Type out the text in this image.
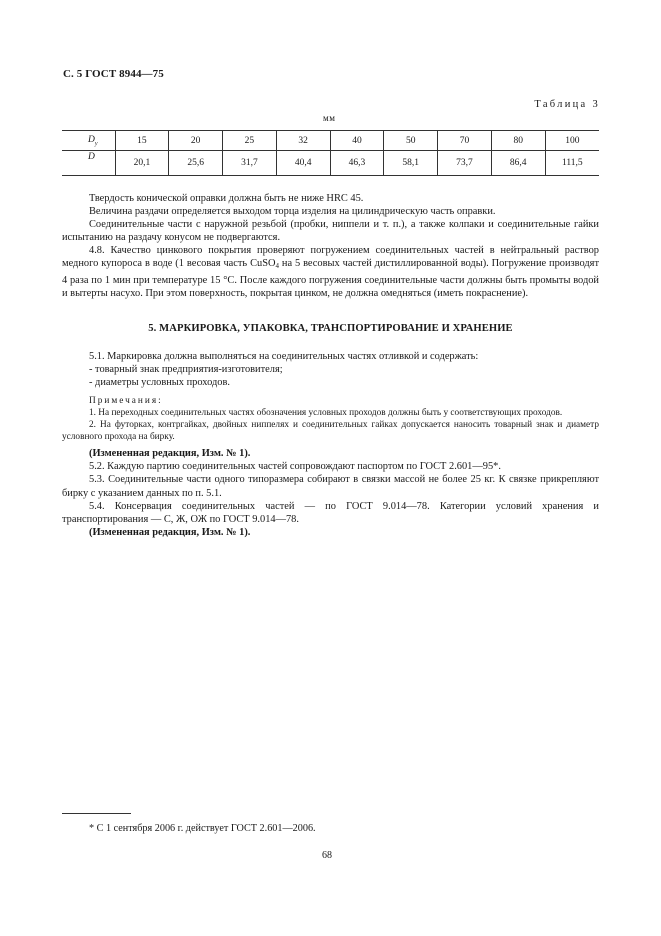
С. 5 ГОСТ 8944—75
Таблица 3
мм
$D_у$	15	20	25	32	40	50	70	80	100
D	20,1	25,6	31,7	40,4	46,3	58,1	73,7	86,4	111,5

Твердость конической оправки должна быть не ниже HRC 45.

Величина раздачи определяется выходом торца изделия на цилиндрическую часть оправки.

Соединительные части с наружной резьбой (пробки, ниппели и т. п.), а также колпаки и соединительные гайки испытанию на раздачу конусом не подвергаются.

4.8. Качество цинкового покрытия проверяют погружением соединительных частей в нейтральный раствор медного купороса в воде (1 весовая часть CuSO$_4$ на 5 весовых частей дистиллированной воды). Погружение производят 4 раза по 1 мин при температуре 15 °С. После каждого погружения соединительные части должны быть промыты водой и вытерты насухо. При этом поверхность, покрытая цинком, не должна омедняться (иметь покраснение).

5. МАРКИРОВКА, УПАКОВКА, ТРАНСПОРТИРОВАНИЕ И ХРАНЕНИЕ

5.1. Маркировка должна выполняться на соединительных частях отливкой и содержать:

- товарный знак предприятия-изготовителя;

- диаметры условных проходов.

Примечания:

1. На переходных соединительных частях обозначения условных проходов должны быть у соответствующих проходов.

2. На футорках, контргайках, двойных ниппелях и соединительных гайках допускается наносить товарный знак и диаметр условного прохода на бирку.

(Измененная редакция, Изм. № 1).

5.2. Каждую партию соединительных частей сопровождают паспортом по ГОСТ 2.601—95*.

5.3. Соединительные части одного типоразмера собирают в связки массой не более 25 кг. К связке прикрепляют бирку с указанием данных по п. 5.1.

5.4. Консервация соединительных частей — по ГОСТ 9.014—78. Категории условий хранения и транспортирования — С, Ж, ОЖ по ГОСТ 9.014—78.

(Измененная редакция, Изм. № 1).

* С 1 сентября 2006 г. действует ГОСТ 2.601—2006.
68
